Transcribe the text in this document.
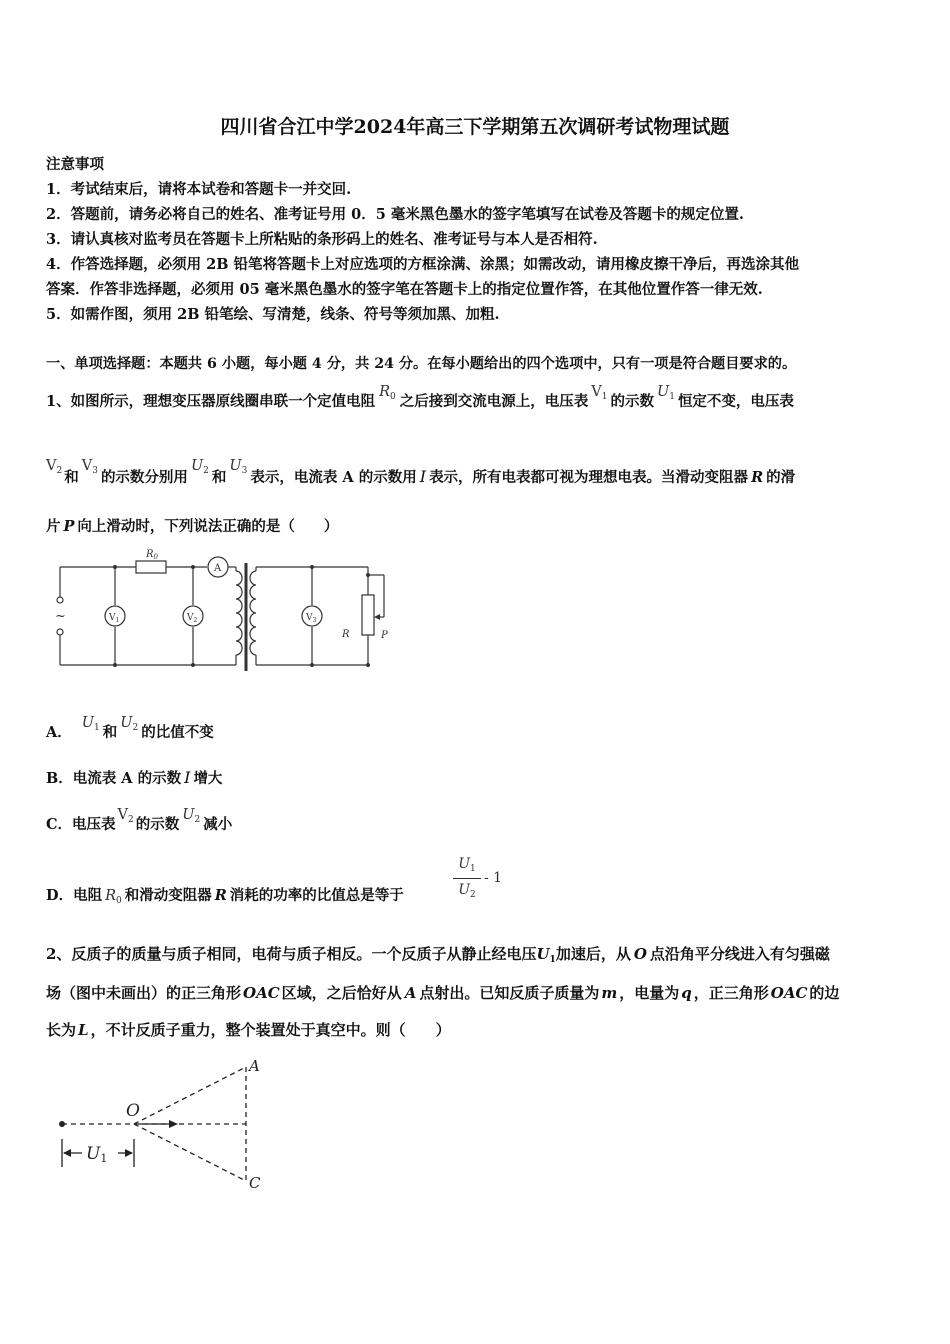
四川省合江中学2024年高三下学期第五次调研考试物理试题
注意事项
1．考试结束后，请将本试卷和答题卡一并交回.
2．答题前，请务必将自己的姓名、准考证号用 0．5 毫米黑色墨水的签字笔填写在试卷及答题卡的规定位置.
3．请认真核对监考员在答题卡上所粘贴的条形码上的姓名、准考证号与本人是否相符.
4．作答选择题，必须用 2B 铅笔将答题卡上对应选项的方框涂满、涂黑；如需改动，请用橡皮擦干净后，再选涂其他
答案．作答非选择题，必须用 05 毫米黑色墨水的签字笔在答题卡上的指定位置作答，在其他位置作答一律无效.
5．如需作图，须用 2B 铅笔绘、写清楚，线条、符号等须加黑、加粗.
一、单项选择题：本题共 6 小题，每小题 4 分，共 24 分。在每小题给出的四个选项中，只有一项是符合题目要求的。
1、如图所示，理想变压器原线圈串联一个定值电阻$R_0$ 之后接到交流电源上，电压表$V_1$ 的示数$U_1$ 恒定不变，电压表
$V_2$ 和$V_3$ 的示数分别用$U_2$ 和$U_3$ 表示，电流表 A 的示数用 I 表示，所有电表都可视为理想电表。当滑动变阻器 R 的滑
片 P 向上滑动时，下列说法正确的是（　　）
~
$R_0$
A
$V_1$	$V_2$	$V_3$
R	P
A．$U_1$ 和$U_2$ 的比值不变
B．电流表 A 的示数 I 增大
C．电压表$V_2$ 的示数$U_2$ 减小
D．电阻 $R_0$ 和滑动变阻器 R 消耗的功率的比值总是等于
$U_1$
$U_2$
- 1
2、反质子的质量与质子相同，电荷与质子相反。一个反质子从静止经电压$U_1$加速后，从 O 点沿角平分线进入有匀强磁
场（图中未画出）的正三角形 OAC 区域，之后恰好从 A 点射出。已知反质子质量为 m ，电量为 q ，正三角形 OAC 的边
长为 L ，不计反质子重力，整个装置处于真空中。则（　　）
O
A
C
U1
